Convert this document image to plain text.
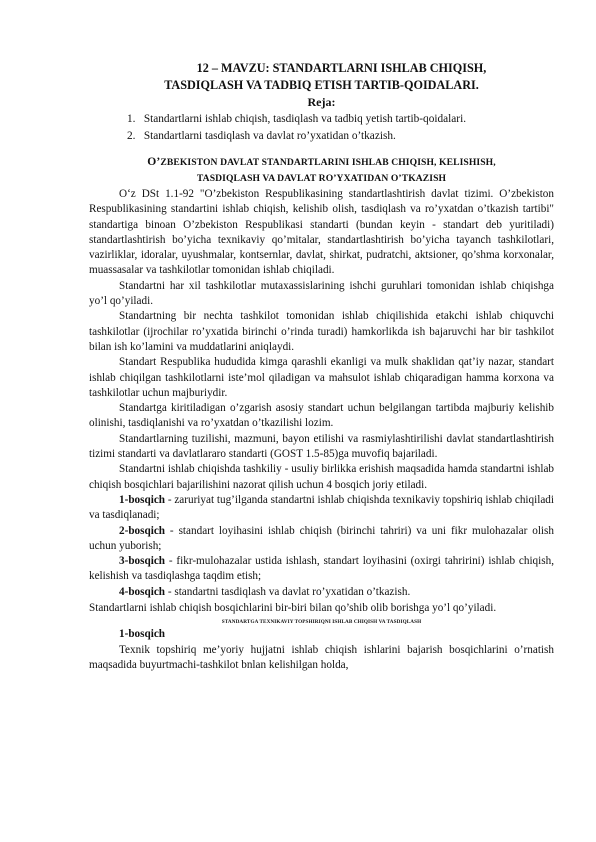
12 – MAVZU: STANDARTLARNI ISHLAB CHIQISH,
TASDIQLASH VA TADBIQ ETISH TARTIB-QOIDALARI.
Reja:
1. Standartlarni ishlab chiqish, tasdiqlash va tadbiq yetish tartib-qoidalari.
2. Standartlarni tasdiqlash va davlat ro’yxatidan o’tkazish.
O’ZBEKISTON DAVLAT STANDARTLARINI ISHLAB CHIQISH, KELISHISH,
TASDIQLASH VA DAVLAT RO’YXATIDAN O’TKAZISH

O‘z DSt 1.1-92 "O’zbekiston Respublikasining standartlashtirish davlat tizimi. O’zbekiston Respublikasining standartini ishlab chiqish, kelishib olish, tasdiqlash va ro’yxatdan o’tkazish tartibi" standartiga binoan O’zbekiston Respublikasi standarti (bundan keyin - standart deb yuritiladi) standartlashtirish bo’yicha texnikaviy qo’mitalar, standartlashtirish bo’yicha tayanch tashkilotlari, vazirliklar, idoralar, uyushmalar, kontsernlar, davlat, shirkat, pudratchi, aktsioner, qo’shma korxonalar, muassasalar va tashkilotlar tomonidan ishlab chiqiladi.

Standartni har xil tashkilotlar mutaxassislarining ishchi guruhlari tomonidan ishlab chiqishga yo’l qo’yiladi.

Standartning bir nechta tashkilot tomonidan ishlab chiqilishida etakchi ishlab chiquvchi tashkilotlar (ijrochilar ro’yxatida birinchi o’rinda turadi) hamkorlikda ish bajaruvchi har bir tashkilot bilan ish ko’lamini va muddatlarini aniqlaydi.

Standart Respublika hududida kimga qarashli ekanligi va mulk shaklidan qat’iy nazar, standart ishlab chiqilgan tashkilotlarni iste’mol qiladigan va mahsulot ishlab chiqaradigan hamma korxona va tashkilotlar uchun majburiydir.

Standartga kiritiladigan o’zgarish asosiy standart uchun belgilangan tartibda majburiy kelishib olinishi, tasdiqlanishi va ro’yxatdan o’tkazilishi lozim.

Standartlarning tuzilishi, mazmuni, bayon etilishi va rasmiylashtirilishi davlat standartlashtirish tizimi standarti va davlatlararo standarti (GOST 1.5-85)ga muvofiq bajariladi.

Standartni ishlab chiqishda tashkiliy - usuliy birlikka erishish maqsadida hamda standartni ishlab chiqish bosqichlari bajarilishini nazorat qilish uchun 4 bosqich joriy etiladi.

1-bosqich - zaruriyat tug’ilganda standartni ishlab chiqishda texnikaviy topshiriq ishlab chiqiladi va tasdiqlanadi;

2-bosqich - standart loyihasini ishlab chiqish (birinchi tahriri) va uni fikr mulohazalar olish uchun yuborish;

3-bosqich - fikr-mulohazalar ustida ishlash, standart loyihasini (oxirgi tahririni) ishlab chiqish, kelishish va tasdiqlashga taqdim etish;

4-bosqich - standartni tasdiqlash va davlat ro’yxatidan o’tkazish.

Standartlarni ishlab chiqish bosqichlarini bir-biri bilan qo’shib olib borishga yo’l qo’yiladi.

STANDARTGA TEXNIKAVIY TOPSHIRIQNI ISHLAB CHIQISH VA TASDIQLASH
1-bosqich

Texnik topshiriq me’yoriy hujjatni ishlab chiqish ishlarini bajarish bosqichlarini o’rnatish maqsadida buyurtmachi-tashkilot bnlan kelishilgan holda,
